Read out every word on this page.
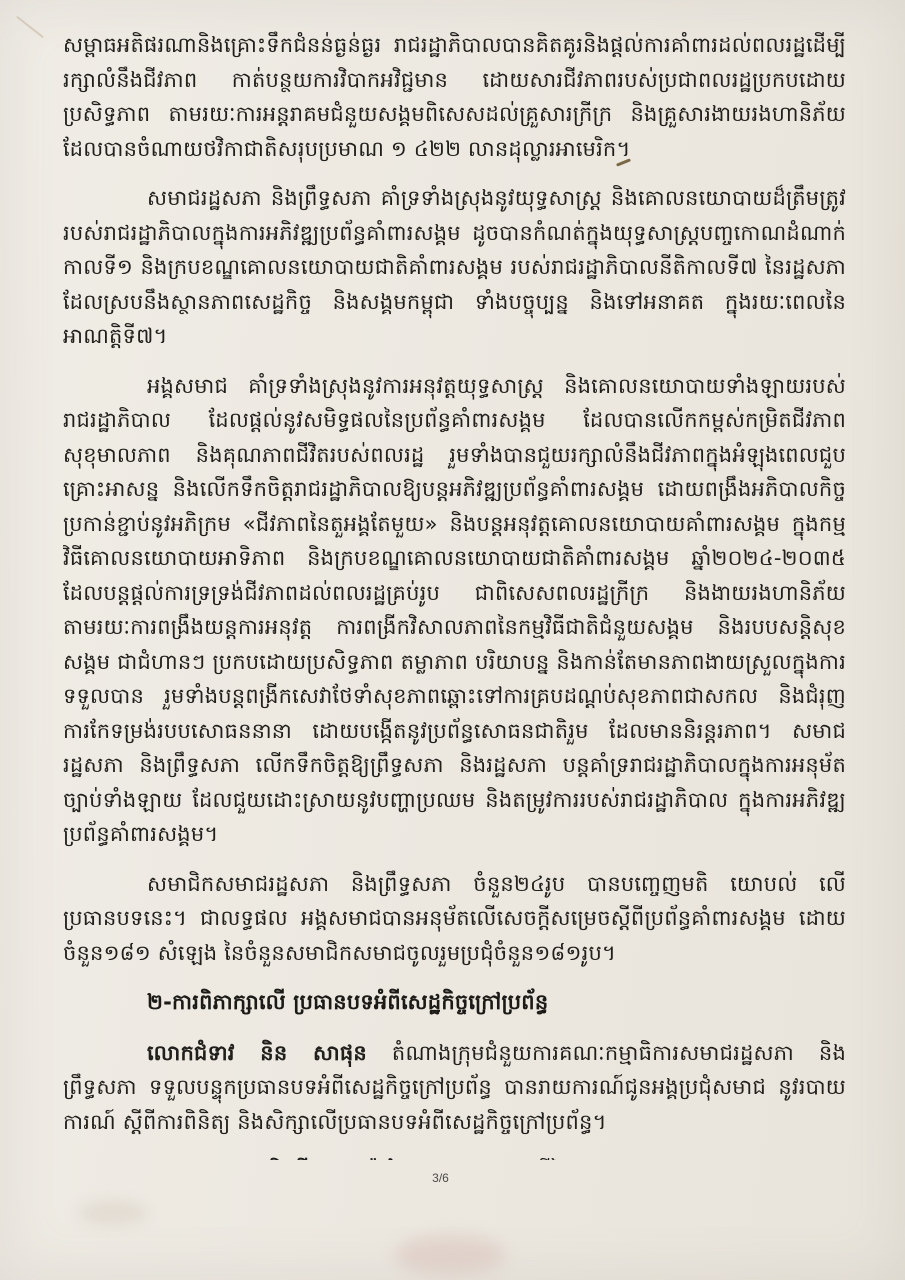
សម្ពាធអតិផរណានិងគ្រោះទឹកជំនន់ធ្ងន់ធ្ងរ រាជរដ្ឋាភិបាលបានគិតគូរនិងផ្តល់ការគាំពារដល់ពលរដ្ឋដើម្បីរក្សាលំនឹងជីវភាព កាត់បន្ថយការវិបាកអវិជ្ជមាន ដោយសារជីវភាពរបស់ប្រជាពលរដ្ឋប្រកបដោយប្រសិទ្ធភាព តាមរយៈការអន្តរាគមជំនួយសង្គមពិសេសដល់គ្រួសារក្រីក្រ និងគ្រួសារងាយរងហានិភ័យ ដែលបានចំណាយថវិកាជាតិសរុបប្រមាណ ១ ៤២២ លានដុល្លារអាមេរិក។

សមាជរដ្ឋសភា និងព្រឹទ្ធសភា គាំទ្រទាំងស្រុងនូវយុទ្ធសាស្ត្រ និងគោលនយោបាយដ៏ត្រឹមត្រូវរបស់រាជរដ្ឋាភិបាលក្នុងការអភិវឌ្ឍប្រព័ន្ធគាំពារសង្គម ដូចបានកំណត់ក្នុងយុទ្ធសាស្ត្របញ្ចកោណដំណាក់កាលទី១ និងក្របខណ្ឌគោលនយោបាយជាតិគាំពារសង្គម របស់រាជរដ្ឋាភិបាលនីតិកាលទី៧ នៃរដ្ឋសភា ដែលស្របនឹងស្ថានភាពសេដ្ឋកិច្ច និងសង្គមកម្ពុជា ទាំងបច្ចុប្បន្ន និងទៅអនាគត ក្នុងរយៈពេលនៃអាណត្តិទី៧។

អង្គសមាជ គាំទ្រទាំងស្រុងនូវការអនុវត្តយុទ្ធសាស្ត្រ និងគោលនយោបាយទាំងឡាយរបស់រាជរដ្ឋាភិបាល ដែលផ្តល់នូវសមិទ្ធផលនៃប្រព័ន្ធគាំពារសង្គម ដែលបានលើកកម្ពស់កម្រិតជីវភាព សុខុមាលភាព និងគុណភាពជីវិតរបស់ពលរដ្ឋ រួមទាំងបានជួយរក្សាលំនឹងជីវភាពក្នុងអំឡុងពេលជួបគ្រោះអាសន្ន និងលើកទឹកចិត្តរាជរដ្ឋាភិបាលឱ្យបន្តអភិវឌ្ឍប្រព័ន្ធគាំពារសង្គម ដោយពង្រឹងអភិបាលកិច្ច ប្រកាន់ខ្ជាប់នូវអភិក្រម «ជីវភាពនៃតួអង្គតែមួយ» និងបន្តអនុវត្តគោលនយោបាយគាំពារសង្គម ក្នុងកម្មវិធីគោលនយោបាយអាទិភាព និងក្របខណ្ឌគោលនយោបាយជាតិគាំពារសង្គម ឆ្នាំ២០២៤-២០៣៥ ដែលបន្តផ្តល់ការទ្រទ្រង់ជីវភាពដល់ពលរដ្ឋគ្រប់រូប ជាពិសេសពលរដ្ឋក្រីក្រ និងងាយរងហានិភ័យ តាមរយៈការពង្រឹងយន្តការអនុវត្ត ការពង្រីកវិសាលភាពនៃកម្មវិធីជាតិជំនួយសង្គម និងរបបសន្តិសុខសង្គម ជាជំហានៗ ប្រកបដោយប្រសិទ្ធភាព តម្លាភាព បរិយាបន្ន និងកាន់តែមានភាពងាយស្រួលក្នុងការទទួលបាន រួមទាំងបន្តពង្រីកសេវាថែទាំសុខភាពឆ្ពោះទៅការគ្របដណ្តប់សុខភាពជាសកល និងជំរុញការកែទម្រង់របបសោធននានា ដោយបង្កើតនូវប្រព័ន្ធសោធនជាតិរួម ដែលមាននិរន្តរភាព។ សមាជរដ្ឋសភា និងព្រឹទ្ធសភា លើកទឹកចិត្តឱ្យព្រឹទ្ធសភា និងរដ្ឋសភា បន្តគាំទ្ររាជរដ្ឋាភិបាលក្នុងការអនុម័តច្បាប់ទាំងឡាយ ដែលជួយដោះស្រាយនូវបញ្ហាប្រឈម និងតម្រូវការរបស់រាជរដ្ឋាភិបាល ក្នុងការអភិវឌ្ឍប្រព័ន្ធគាំពារសង្គម។

សមាជិកសមាជរដ្ឋសភា និងព្រឹទ្ធសភា ចំនួន២៤រូប បានបញ្ចេញមតិ យោបល់ លើប្រធានបទនេះ។ ជាលទ្ធផល អង្គសមាជបានអនុម័តលើសេចក្តីសម្រេចស្តីពីប្រព័ន្ធគាំពារសង្គម ដោយចំនួន១៨១ សំឡេង នៃចំនួនសមាជិកសមាជចូលរួមប្រជុំចំនួន១៨១រូប។

២-ការពិភាក្សាលើ ប្រធានបទអំពីសេដ្ឋកិច្ចក្រៅប្រព័ន្ធ

លោកជំទាវ និន សាផុន តំណាងក្រុមជំនួយការគណៈកម្មាធិការសមាជរដ្ឋសភា និងព្រឹទ្ធសភា ទទួលបន្ទុកប្រធានបទអំពីសេដ្ឋកិច្ចក្រៅប្រព័ន្ធ បានរាយការណ៍ជូនអង្គប្រជុំសមាជ នូវរបាយការណ៍ ស្តីពីការពិនិត្យ និងសិក្សាលើប្រធានបទអំពីសេដ្ឋកិច្ចក្រៅប្រព័ន្ធ។

3/6
